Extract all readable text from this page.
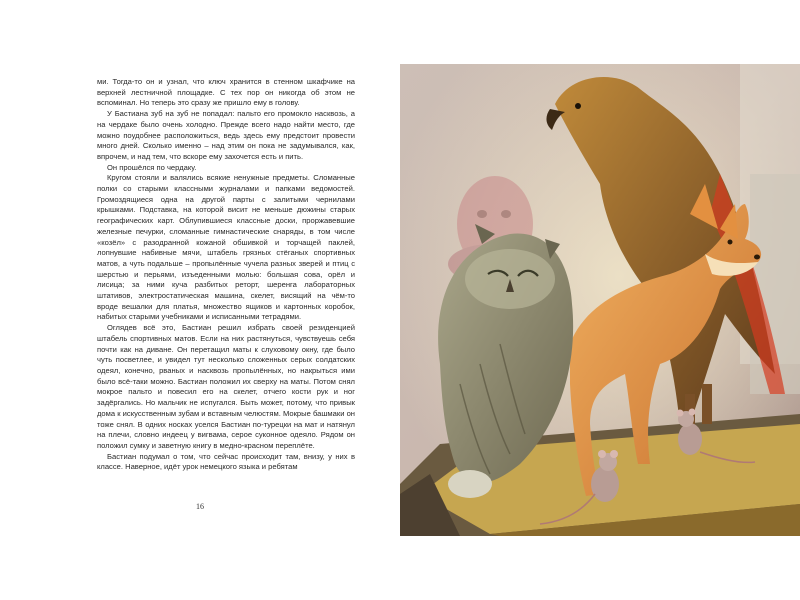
ми. Тогда-то он и узнал, что ключ хранится в стенном шкафчике на верхней лестничной площадке. С тех пор он никогда об этом не вспоминал. Но теперь это сразу же пришло ему в голову.

У Бастиана зуб на зуб не попадал: пальто его промокло насквозь, а на чердаке было очень холодно. Прежде всего надо найти место, где можно поудобнее расположиться, ведь здесь ему предстоит провести много дней. Сколько именно – над этим он пока не задумывался, как, впрочем, и над тем, что вскоре ему захочется есть и пить.

Он прошёлся по чердаку.

Кругом стояли и валялись всякие ненужные предметы. Сломанные полки со старыми классными журналами и папками ведомостей. Громоздящиеся одна на другой парты с залитыми чернилами крышками. Подставка, на которой висит не меньше дюжины старых географических карт. Облупившиеся классные доски, проржавевшие железные печурки, сломанные гимнастические снаряды, в том числе «козёл» с разодранной кожаной обшивкой и торчащей паклей, лопнувшие набивные мячи, штабель грязных стёганых спортивных матов, а чуть подальше – пропылённые чучела разных зверей и птиц с шерстью и перьями, изъеденными молью: большая сова, орёл и лисица; за ними куча разбитых реторт, шеренга лабораторных штативов, электростатическая машина, скелет, висящий на чём-то вроде вешалки для платья, множество ящиков и картонных коробок, набитых старыми учебниками и исписанными тетрадями.

Оглядев всё это, Бастиан решил избрать своей резиденцией штабель спортивных матов. Если на них растянуться, чувствуешь себя почти как на диване. Он перетащил маты к слуховому окну, где было чуть посветлее, и увидел тут несколько сложенных серых солдатских одеял, конечно, рваных и насквозь пропылённых, но накрыться ими было всё-таки можно. Бастиан положил их сверху на маты. Потом снял мокрое пальто и повесил его на скелет, отчего кости рук и ног задёргались. Но мальчик не испугался. Быть может, потому, что привык дома к искусственным зубам и вставным челюстям. Мокрые башмаки он тоже снял. В одних носках уселся Бастиан по-турецки на мат и натянул на плечи, словно индеец у вигвама, серое суконное одеяло. Рядом он положил сумку и заветную книгу в медно-красном переплёте.

Бастиан подумал о том, что сейчас происходит там, внизу, у них в классе. Наверное, идёт урок немецкого языка и ребятам

16
